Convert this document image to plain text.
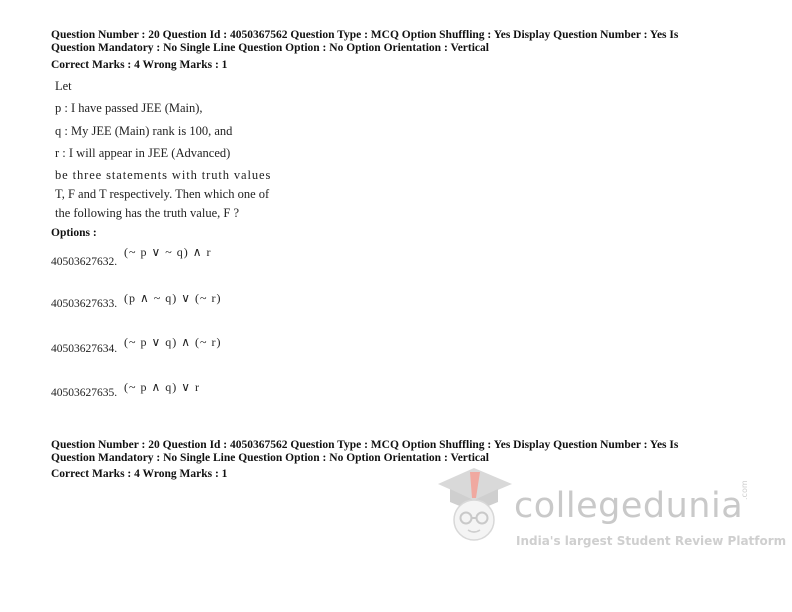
Question Number : 20 Question Id : 4050367562 Question Type : MCQ Option Shuffling : Yes Display Question Number : Yes Is
Question Mandatory : No Single Line Question Option : No Option Orientation : Vertical
Correct Marks : 4 Wrong Marks : 1
Let
p : I have passed JEE (Main),
q : My JEE (Main) rank is 100, and
r : I will appear in JEE (Advanced)
be three statements with truth values
T, F and T respectively. Then which one of
the following has the truth value, F ?
Options :
(~ p ∨ ~ q) ∧ r
40503627632.
(p ∧ ~ q) ∨ (~ r)
40503627633.
(~ p ∨ q) ∧ (~ r)
40503627634.
(~ p ∧ q) ∨ r
40503627635.
Question Number : 20 Question Id : 4050367562 Question Type : MCQ Option Shuffling : Yes Display Question Number : Yes Is
Question Mandatory : No Single Line Question Option : No Option Orientation : Vertical
Correct Marks : 4 Wrong Marks : 1
collegedunia
.com
India's largest Student Review Platform
